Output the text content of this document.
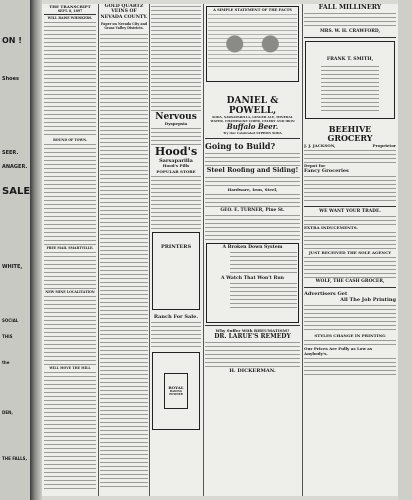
ON !
Shoes
SEER.
ANAGER.
SALE
WHITE,
SOCIAL
THIS
the
DEN,
THE FALLS,
THE TRANSCRIPT
SEPT. 8, 1897
WILL RAISE WHISKERS.
BOUND OF TOWN.
FREE MAIL SMARTVILLE.
NEW MINE LOCALITATION
WILL MOVE THE MILL
GOLD QUARTZ VEINS OF NEVADA COUNTY.
Paper on Nevada City and Grass Valley Districts.
Nervous
Dyspepsia
Hood's
Sarsaparilla
Hood's Pills
POPULAR STORE
PRINTERS
Ranch For Sale.
ROYAL
BAKING POWDER
A SIMPLE STATEMENT OF THE FACTS
DANIEL & POWELL,
SODA, SARSAPARILLA, GINGER ALE, MINERAL WATER, CHAMPAGNE CIDER, CELERY AND IRON
Buffalo Beer.
Try Our Celebrated SYPHON SODA
Going to Build?
Steel Roofing and Siding!
Hardware, Iron, Steel,
GEO. E. TURNER, Pine St.
A Broken Down System
A Watch That Won't Run
Why Suffer With RHEUMATISM?
DR. LARUE'S REMEDY
H. DICKERMAN.
FALL MILLINERY
MRS. W. H. CRAWFORD,
FRANK T. SMITH,
BEEHIVE
GROCERY
J. J. JACKSON,	Proprietor
Depot for
Fancy Groceries
WE WANT YOUR TRADE.
EXTRA INDUCEMENTS.
JUST RECEIVED THE SOLE AGENCY
WOLF, THE CASH GROCER,
Advertisers Get
All The Job Printing
STYLES CHANGE IN PRINTING
Our Prices Are Fully as Low as Anybody's.
